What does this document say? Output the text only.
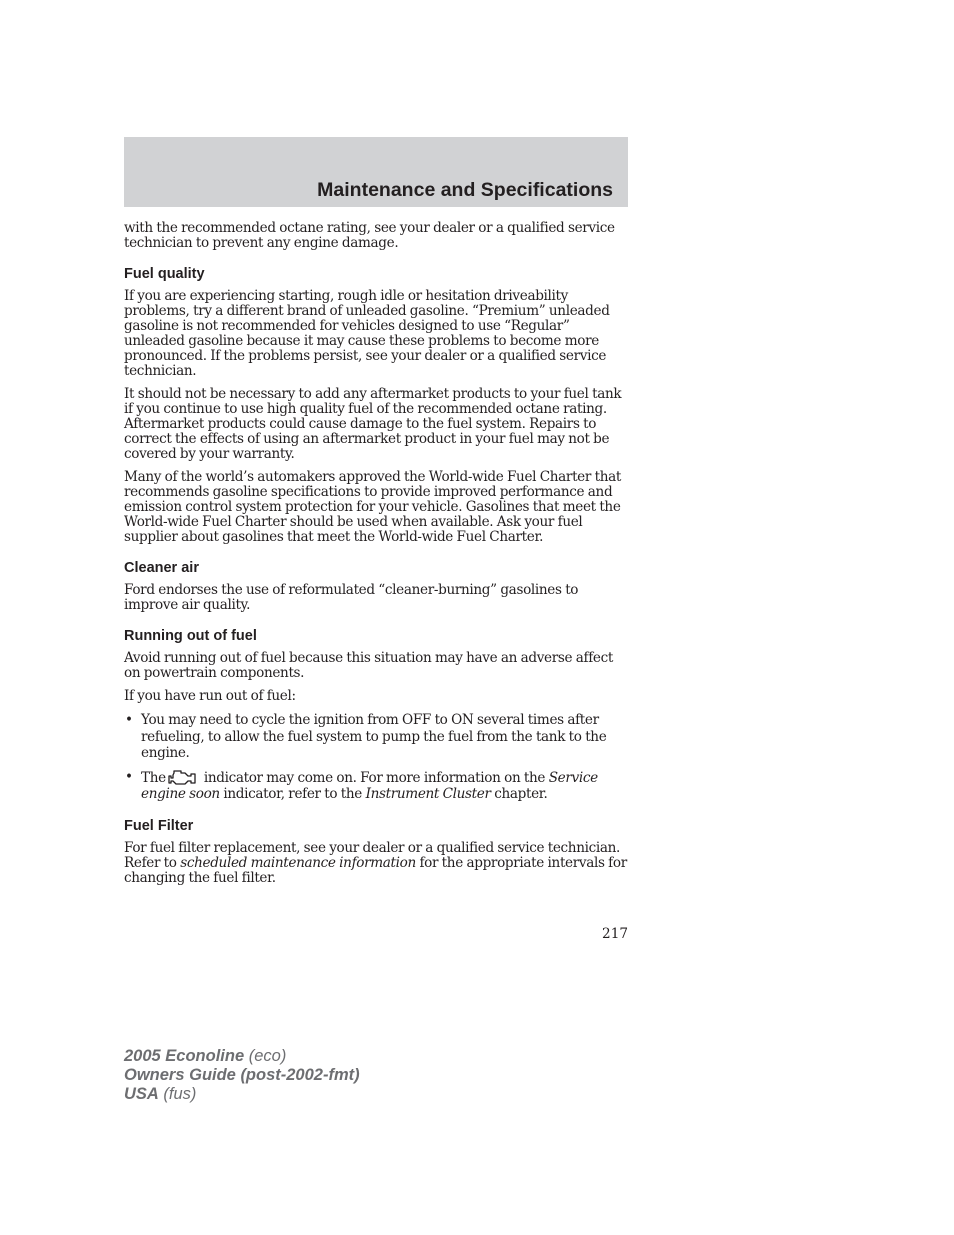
Maintenance and Specifications

with the recommended octane rating, see your dealer or a qualified service technician to prevent any engine damage.

Fuel quality

If you are experiencing starting, rough idle or hesitation driveability problems, try a different brand of unleaded gasoline. “Premium” unleaded gasoline is not recommended for vehicles designed to use “Regular” unleaded gasoline because it may cause these problems to become more pronounced. If the problems persist, see your dealer or a qualified service technician.

It should not be necessary to add any aftermarket products to your fuel tank if you continue to use high quality fuel of the recommended octane rating. Aftermarket products could cause damage to the fuel system. Repairs to correct the effects of using an aftermarket product in your fuel may not be covered by your warranty.

Many of the world’s automakers approved the World-wide Fuel Charter that recommends gasoline specifications to provide improved performance and emission control system protection for your vehicle. Gasolines that meet the World-wide Fuel Charter should be used when available. Ask your fuel supplier about gasolines that meet the World-wide Fuel Charter.

Cleaner air

Ford endorses the use of reformulated “cleaner-burning” gasolines to improve air quality.

Running out of fuel

Avoid running out of fuel because this situation may have an adverse affect on powertrain components.

If you have run out of fuel:

• You may need to cycle the ignition from OFF to ON several times after refueling, to allow the fuel system to pump the fuel from the tank to the engine.
• The	indicator may come on. For more information on the Service engine soon indicator, refer to the Instrument Cluster chapter.
Fuel Filter

For fuel filter replacement, see your dealer or a qualified service technician. Refer to scheduled maintenance information for the appropriate intervals for changing the fuel filter.

217
2005 Econoline (eco)
Owners Guide (post-2002-fmt)
USA (fus)
